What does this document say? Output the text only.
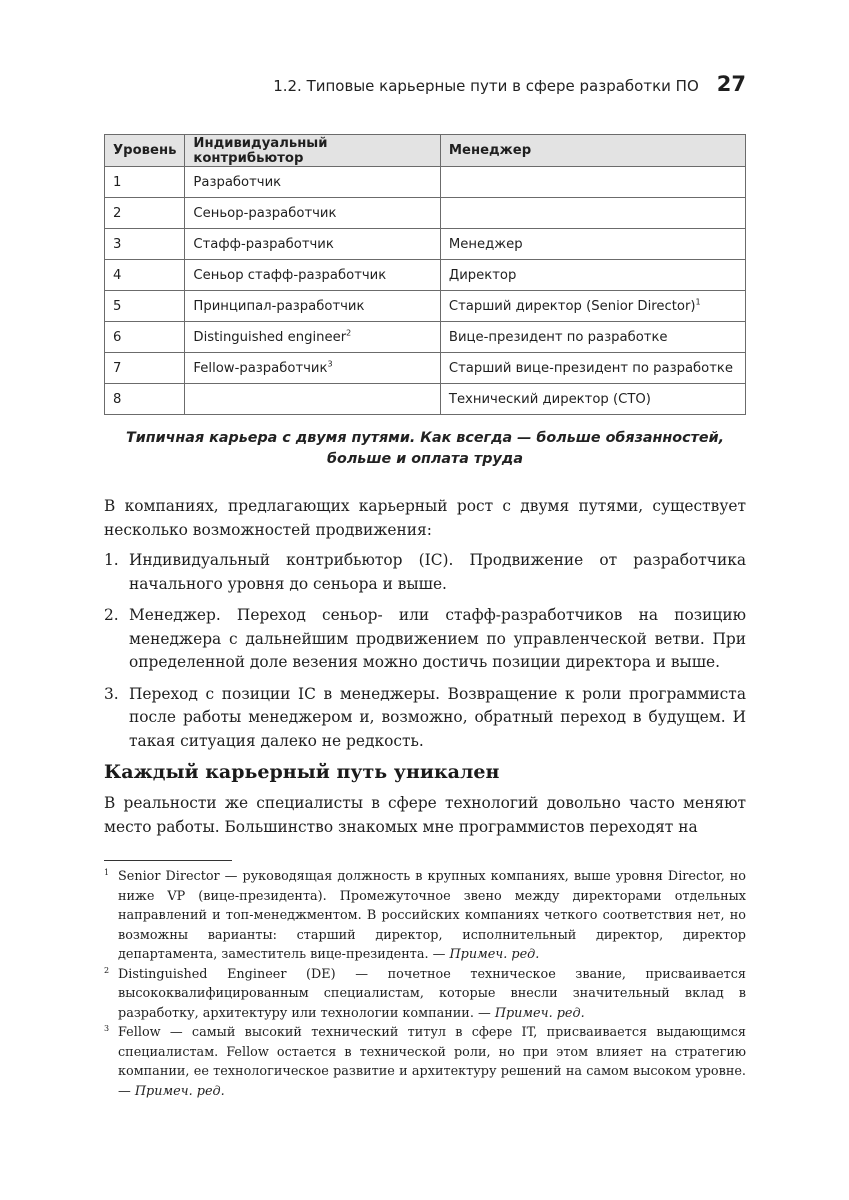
1.2. Типовые карьерные пути в сфере разработки ПО 27
Уровень	Индивидуальный контрибьютор	Менеджер
1	Разработчик	
2	Сеньор-разработчик	
3	Стафф-разработчик	Менеджер
4	Сеньор стафф-разработчик	Директор
5	Принципал-разработчик	Старший директор (Senior Director)$^1$
6	Distinguished engineer$^2$	Вице-президент по разработке
7	Fellow-разработчик$^3$	Старший вице-президент по разработке
8		Технический директор (CTO)
Типичная карьера с двумя путями. Как всегда — больше обязанностей,
больше и оплата труда

В компаниях, предлагающих карьерный рост с двумя путями, существует несколько возможностей продвижения:

1. Индивидуальный контрибьютор (IC). Продвижение от разработчика начального уровня до сеньора и выше.
2. Менеджер. Переход сеньор- или стафф-разработчиков на позицию менеджера с дальнейшим продвижением по управленческой ветви. При определенной доле везения можно достичь позиции директора и выше.
3. Переход с позиции IC в менеджеры. Возвращение к роли программиста после работы менеджером и, возможно, обратный переход в будущем. И такая ситуация далеко не редкость.
Каждый карьерный путь уникален

В реальности же специалисты в сфере технологий довольно часто меняют место работы. Большинство знакомых мне программистов переходят на

1 Senior Director — руководящая должность в крупных компаниях, выше уровня Director, но ниже VP (вице-президента). Промежуточное звено между директорами отдельных направлений и топ-менеджментом. В российских компаниях четкого соответствия нет, но возможны варианты: старший директор, исполнительный директор, директор департамента, заместитель вице-президента. — Примеч. ред.

2 Distinguished Engineer (DE) — почетное техническое звание, присваивается высококвалифицированным специалистам, которые внесли значительный вклад в разработку, архитектуру или технологии компании. — Примеч. ред.

3 Fellow — самый высокий технический титул в сфере IT, присваивается выдающимся специалистам. Fellow остается в технической роли, но при этом влияет на стратегию компании, ее технологическое развитие и архитектуру решений на самом высоком уровне. — Примеч. ред.
